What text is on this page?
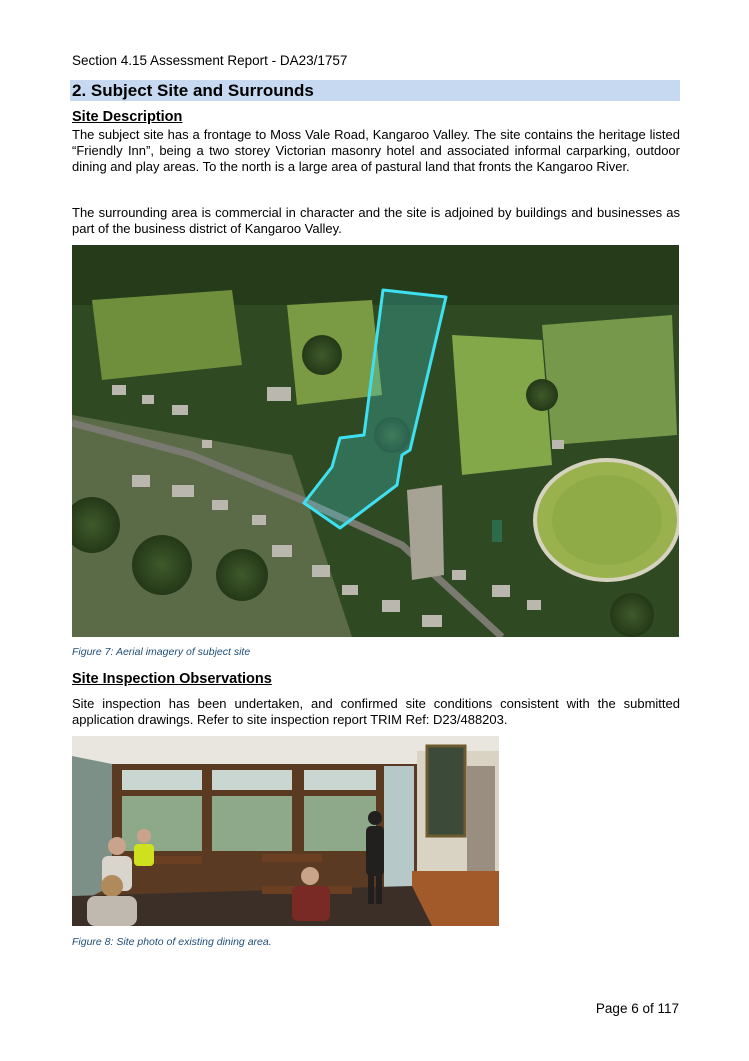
Section 4.15 Assessment Report - DA23/1757
2. Subject Site and Surrounds
Site Description

The subject site has a frontage to Moss Vale Road, Kangaroo Valley. The site contains the heritage listed “Friendly Inn”, being a two storey Victorian masonry hotel and associated informal carparking, outdoor dining and play areas. To the north is a large area of pastural land that fronts the Kangaroo River.

The surrounding area is commercial in character and the site is adjoined by buildings and businesses as part of the business district of Kangaroo Valley.

Figure 7: Aerial imagery of subject site
Site Inspection Observations

Site inspection has been undertaken, and confirmed site conditions consistent with the submitted application drawings. Refer to site inspection report TRIM Ref: D23/488203.

Figure 8: Site photo of existing dining area.
Page 6 of 117
